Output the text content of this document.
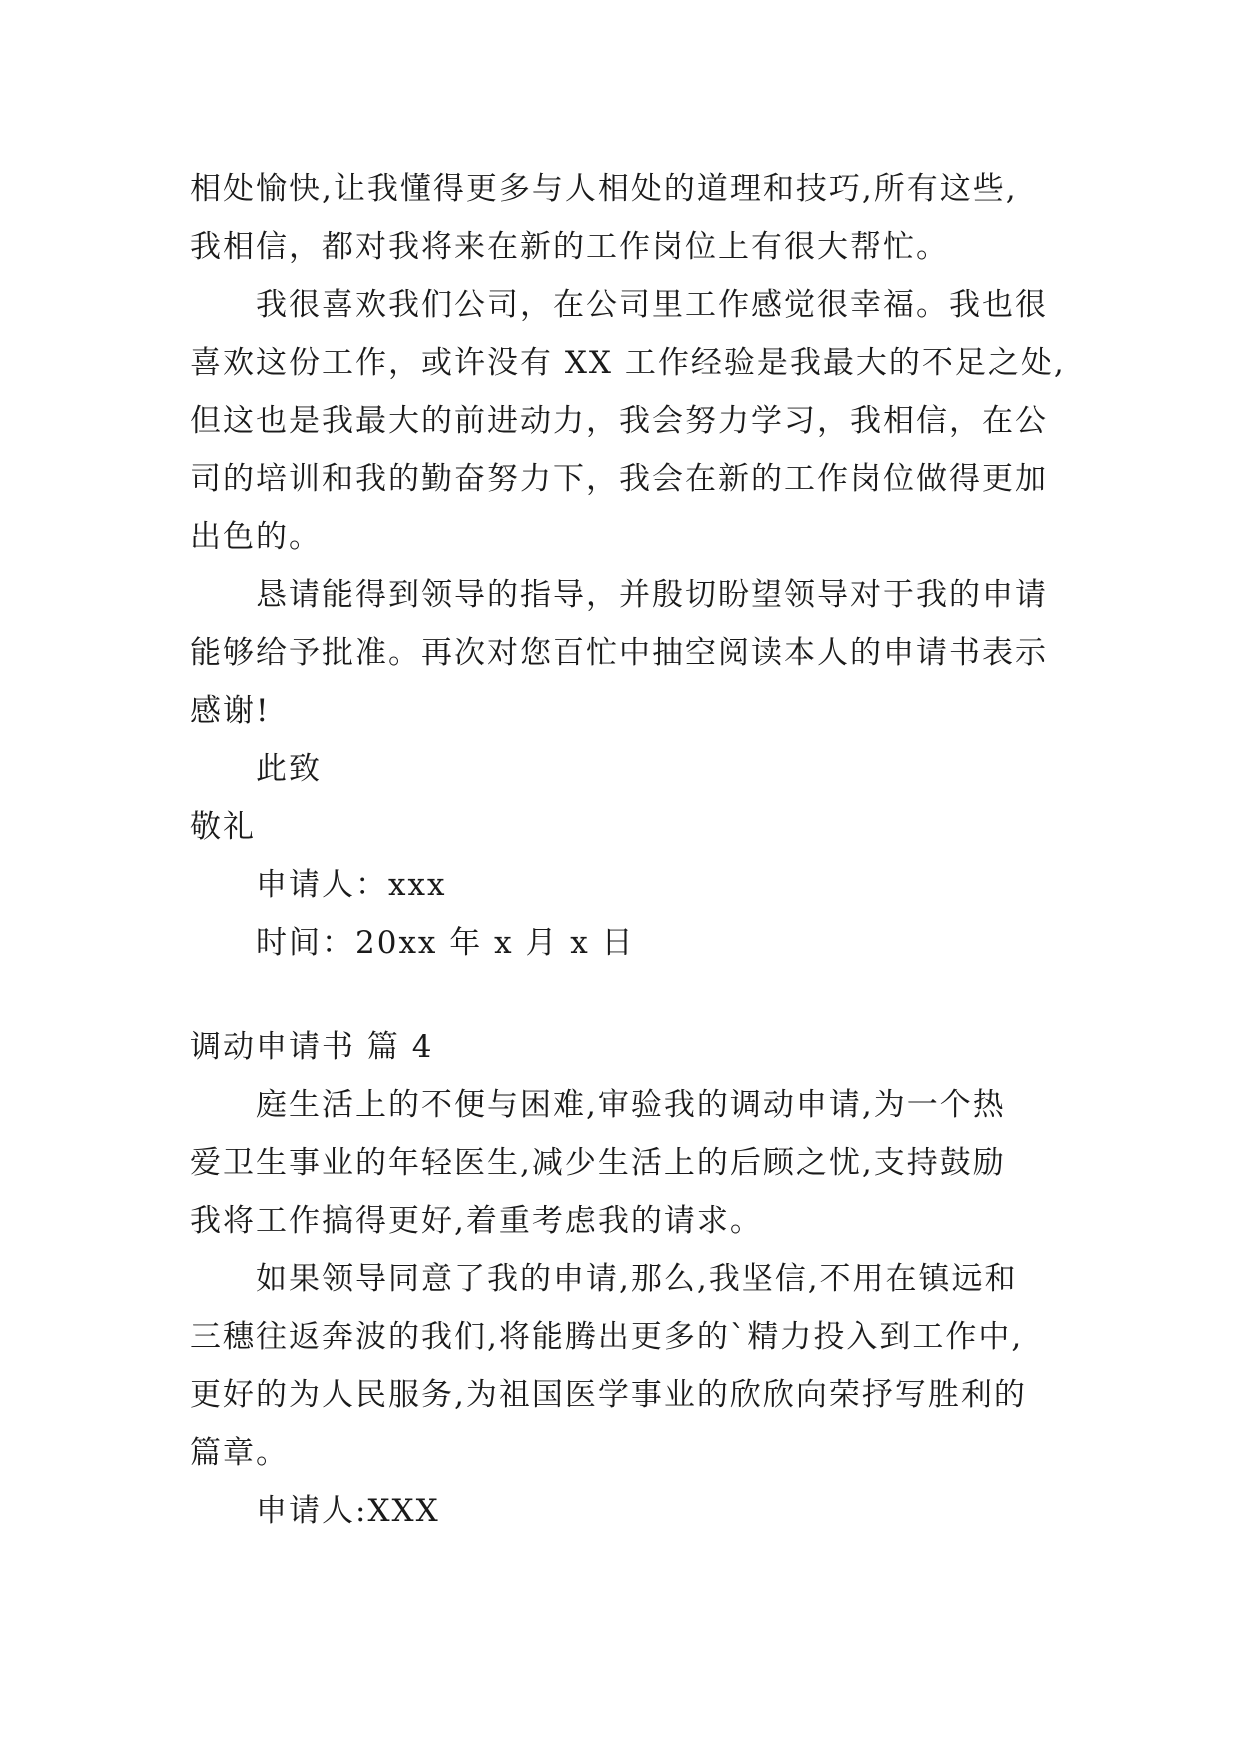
相处愉快,让我懂得更多与人相处的道理和技巧,所有这些,
我相信，都对我将来在新的工作岗位上有很大帮忙。
我很喜欢我们公司，在公司里工作感觉很幸福。我也很
喜欢这份工作，或许没有 XX 工作经验是我最大的不足之处,
但这也是我最大的前进动力，我会努力学习，我相信，在公
司的培训和我的勤奋努力下，我会在新的工作岗位做得更加
出色的。
恳请能得到领导的指导，并殷切盼望领导对于我的申请
能够给予批准。再次对您百忙中抽空阅读本人的申请书表示
感谢!
此致
敬礼
申请人：xxx
时间：20xx 年 x 月 x 日
调动申请书 篇 4
庭生活上的不便与困难,审验我的调动申请,为一个热
爱卫生事业的年轻医生,减少生活上的后顾之忧,支持鼓励
我将工作搞得更好,着重考虑我的请求。
如果领导同意了我的申请,那么,我坚信,不用在镇远和
三穗往返奔波的我们,将能腾出更多的`精力投入到工作中,
更好的为人民服务,为祖国医学事业的欣欣向荣抒写胜利的
篇章。
申请人:XXX
